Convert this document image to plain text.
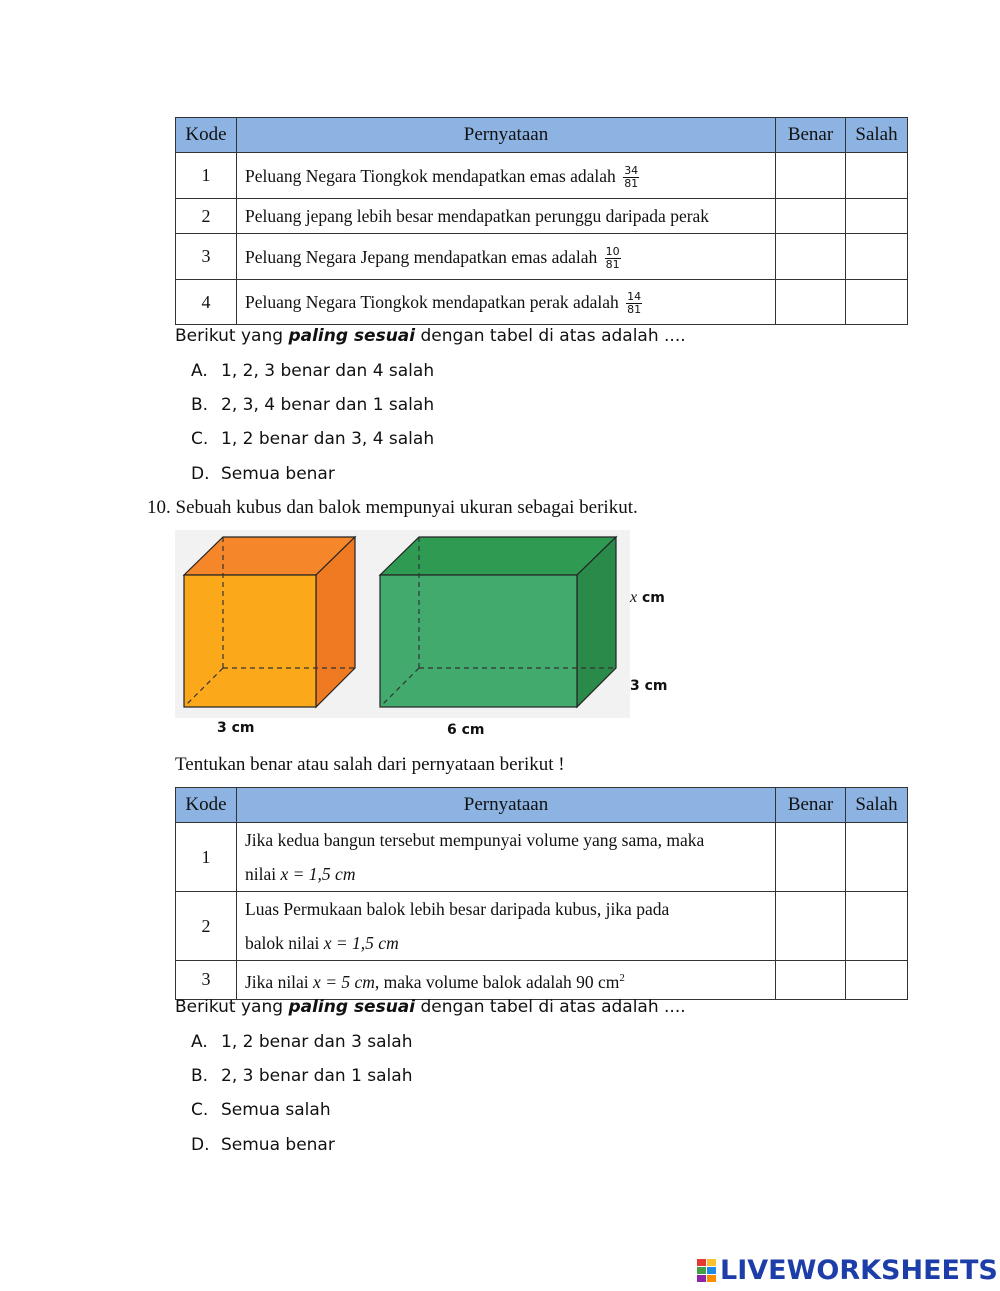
Kode	Pernyataan	Benar	Salah
1	Peluang Negara Tiongkok mendapatkan emas adalah $\frac{34}{81}$

2	Peluang jepang lebih besar mendapatkan perunggu daripada perak		
3	Peluang Negara Jepang mendapatkan emas adalah $\frac{10}{81}$

4	Peluang Negara Tiongkok mendapatkan perak adalah $\frac{14}{81}$

Berikut yang paling sesuai dengan tabel di atas adalah ....
A. 1, 2, 3 benar dan 4 salah
B. 2, 3, 4 benar dan 1 salah
C. 1, 2 benar dan 3, 4 salah
D. Semua benar
10. Sebuah kubus dan balok mempunyai ukuran sebagai berikut.
3 cm	6 cm
x cm
3 cm
Tentukan benar atau salah dari pernyataan berikut !
Kode	Pernyataan	Benar	Salah
1	Jika kedua bangun tersebut mempunyai volume yang sama, maka
nilai x = 1,5 cm		

2	Luas Permukaan balok lebih besar daripada kubus, jika pada
balok nilai x = 1,5 cm		

3	Jika nilai x = 5 cm, maka volume balok adalah 90 $cm^2$		
Berikut yang paling sesuai dengan tabel di atas adalah ....
A. 1, 2 benar dan 3 salah
B. 2, 3 benar dan 1 salah
C. Semua salah
D. Semua benar
LIVEWORKSHEETS
